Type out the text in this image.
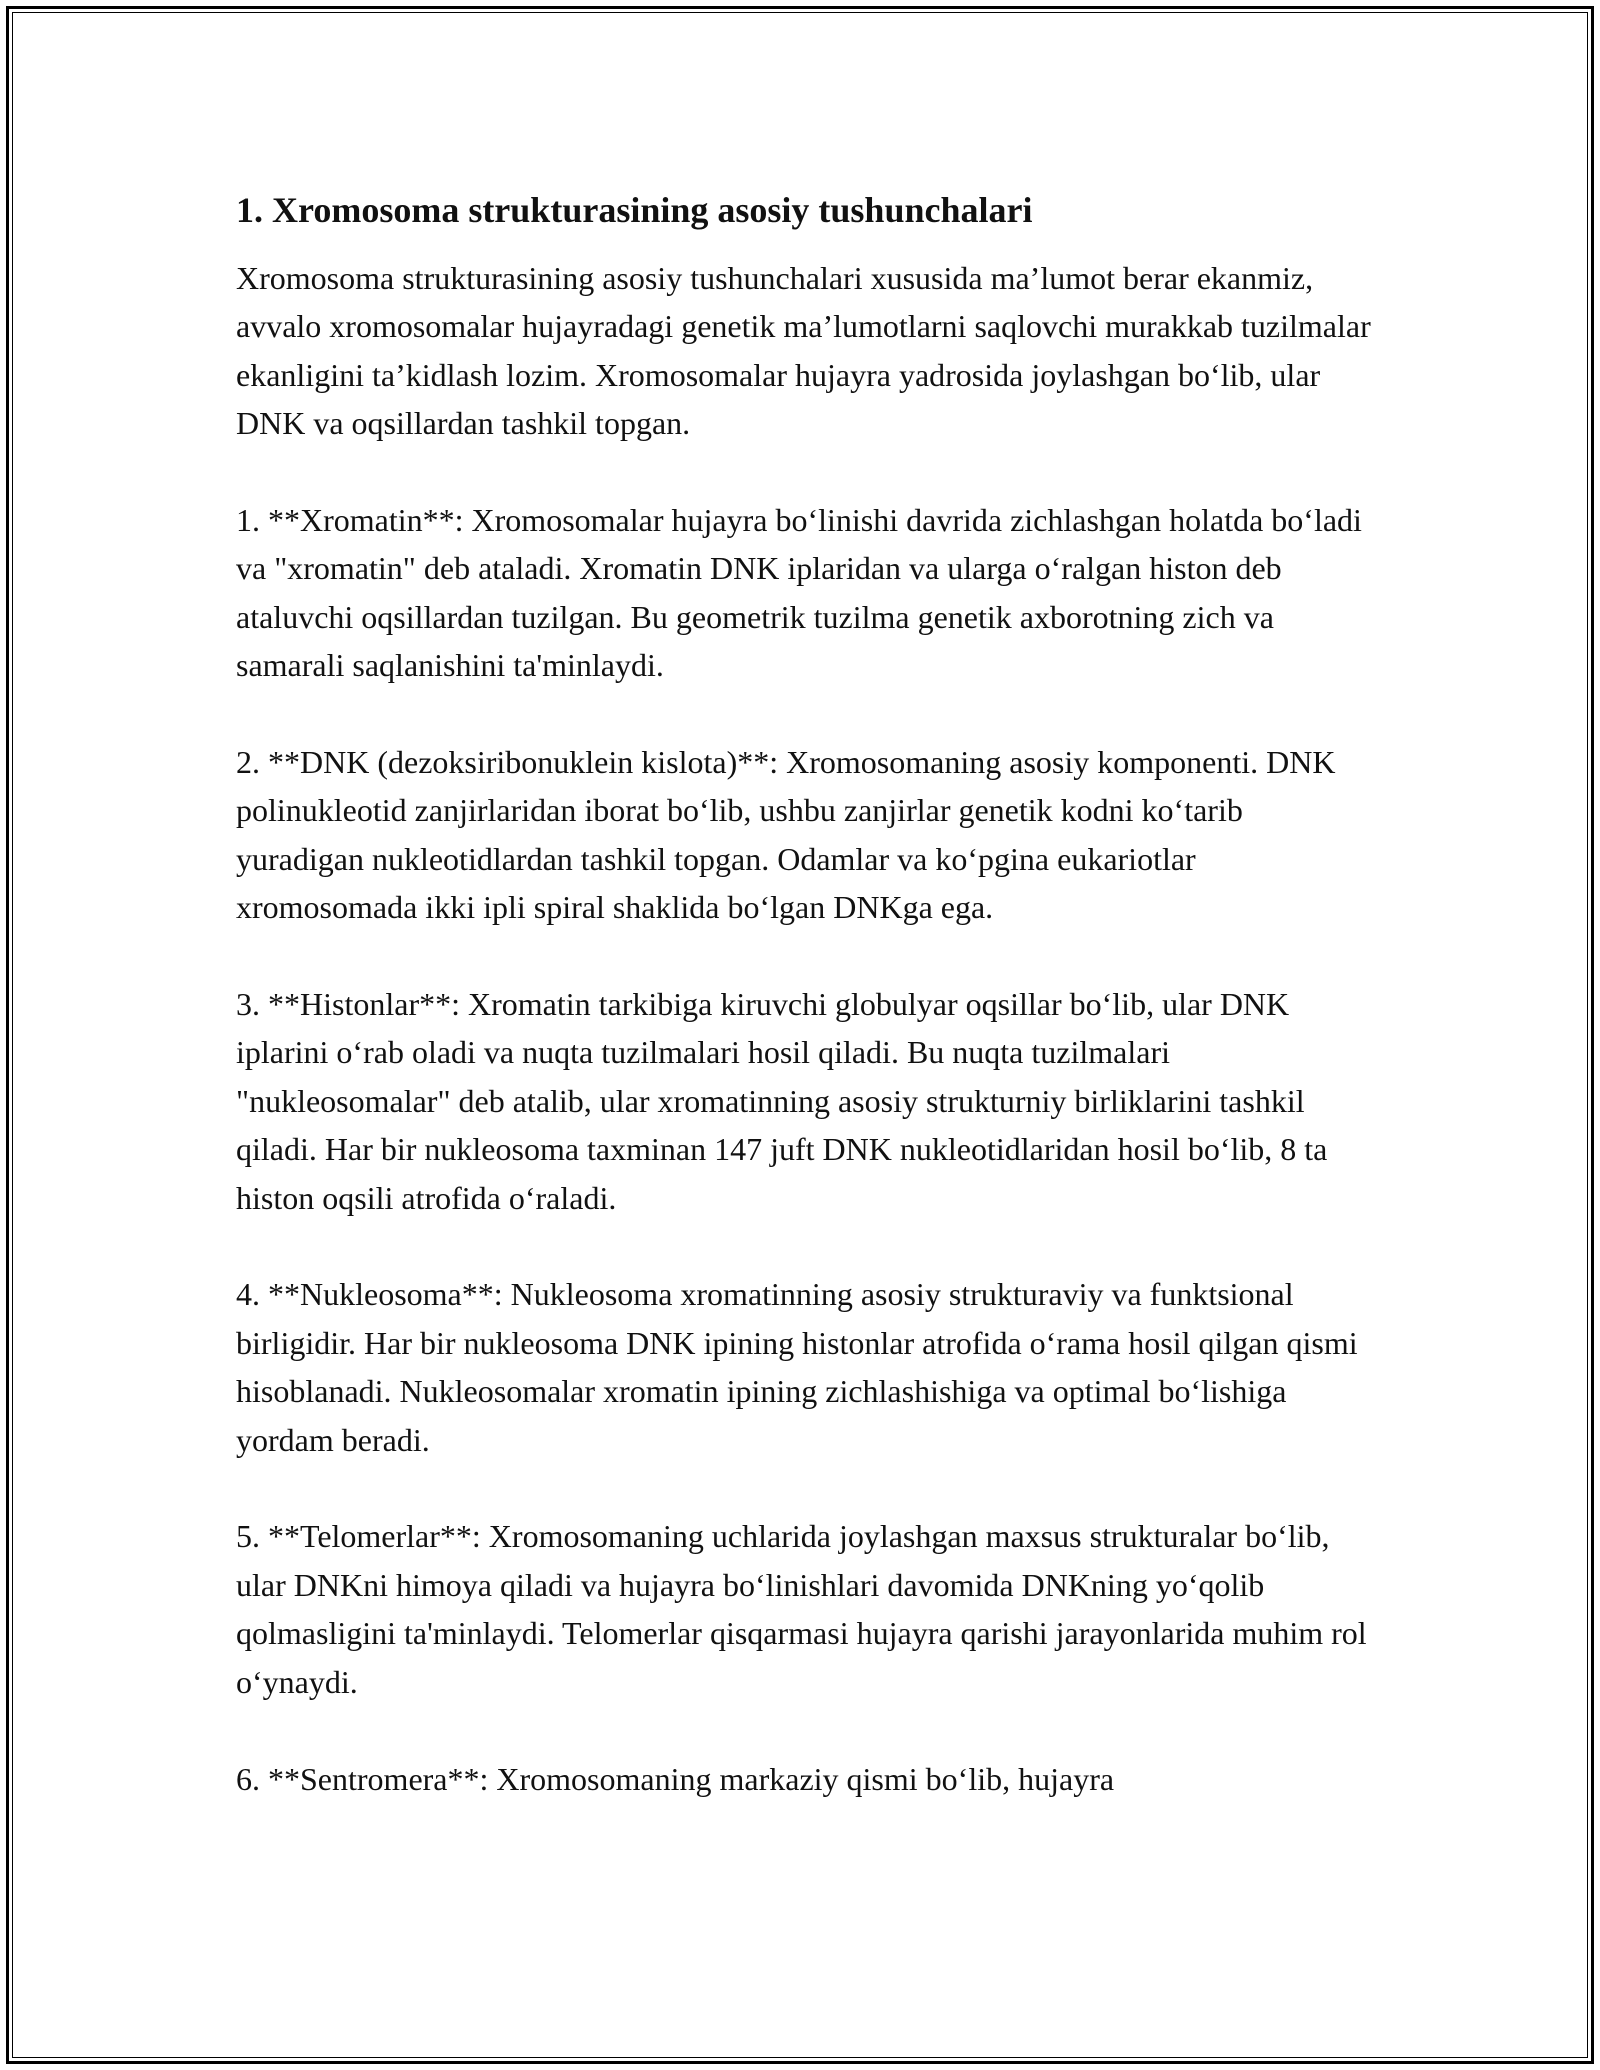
1. Xromosoma strukturasining asosiy tushunchalari

Xromosoma strukturasining asosiy tushunchalari xususida ma’lumot berar ekanmiz, avvalo xromosomalar hujayradagi genetik ma’lumotlarni saqlovchi murakkab tuzilmalar ekanligini ta’kidlash lozim. Xromosomalar hujayra yadrosida joylashgan bo‘lib, ular DNK va oqsillardan tashkil topgan.

1. **Xromatin**: Xromosomalar hujayra bo‘linishi davrida zichlashgan holatda bo‘ladi va "xromatin" deb ataladi. Xromatin DNK iplaridan va ularga o‘ralgan histon deb ataluvchi oqsillardan tuzilgan. Bu geometrik tuzilma genetik axborotning zich va samarali saqlanishini ta'minlaydi.

2. **DNK (dezoksiribonuklein kislota)**: Xromosomaning asosiy komponenti. DNK polinukleotid zanjirlaridan iborat bo‘lib, ushbu zanjirlar genetik kodni ko‘tarib yuradigan nukleotidlardan tashkil topgan. Odamlar va ko‘pgina eukariotlar xromosomada ikki ipli spiral shaklida bo‘lgan DNKga ega.

3. **Histonlar**: Xromatin tarkibiga kiruvchi globulyar oqsillar bo‘lib, ular DNK iplarini o‘rab oladi va nuqta tuzilmalari hosil qiladi. Bu nuqta tuzilmalari "nukleosomalar" deb atalib, ular xromatinning asosiy strukturniy birliklarini tashkil qiladi. Har bir nukleosoma taxminan 147 juft DNK nukleotidlaridan hosil bo‘lib, 8 ta histon oqsili atrofida o‘raladi.

4. **Nukleosoma**: Nukleosoma xromatinning asosiy strukturaviy va funktsional birligidir. Har bir nukleosoma DNK ipining histonlar atrofida o‘rama hosil qilgan qismi hisoblanadi. Nukleosomalar xromatin ipining zichlashishiga va optimal bo‘lishiga yordam beradi.

5. **Telomerlar**: Xromosomaning uchlarida joylashgan maxsus strukturalar bo‘lib, ular DNKni himoya qiladi va hujayra bo‘linishlari davomida DNKning yo‘qolib qolmasligini ta'minlaydi. Telomerlar qisqarmasi hujayra qarishi jarayonlarida muhim rol o‘ynaydi.

6. **Sentromera**: Xromosomaning markaziy qismi bo‘lib, hujayra
